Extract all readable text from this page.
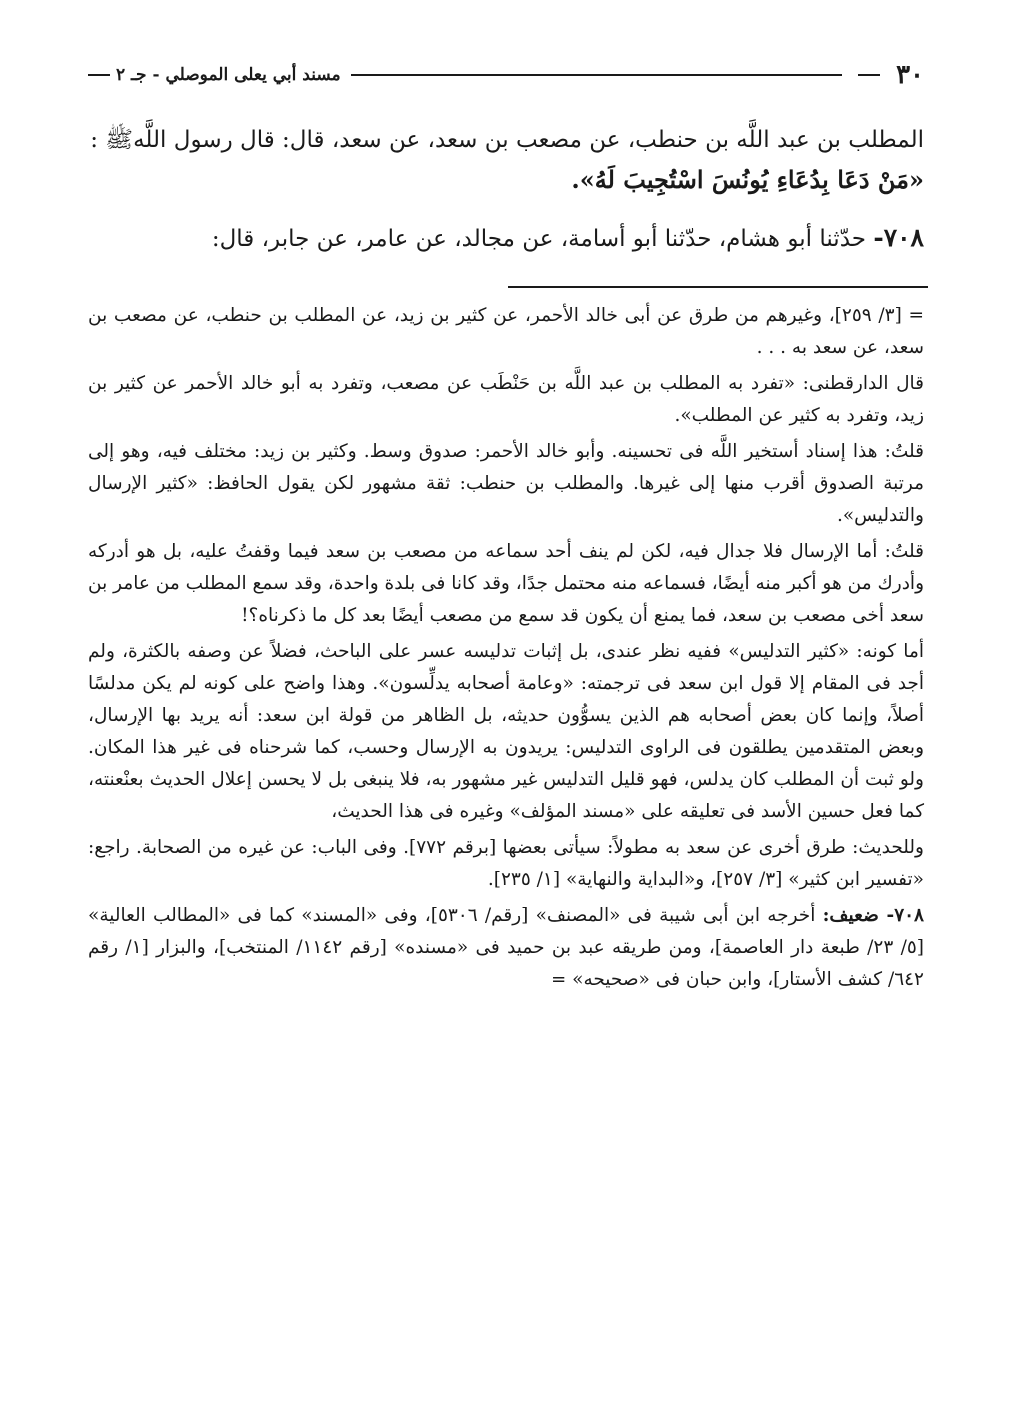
٣٠
مسند أبي يعلى الموصلي - جـ ٢

المطلب بن عبد اللَّه بن حنطب، عن مصعب بن سعد، عن سعد، قال: قال رسول اللَّهﷺ :

«مَنْ دَعَا بِدُعَاءِ يُونُسَ اسْتُجِيبَ لَهُ».

٧٠٨- حدّثنا أبو هشام، حدّثنا أبو أسامة، عن مجالد، عن عامر، عن جابر، قال:

= [٣/ ٢٥٩]، وغيرهم من طرق عن أبى خالد الأحمر، عن كثير بن زيد، عن المطلب بن حنطب، عن مصعب بن سعد، عن سعد به . . .

قال الدارقطنى: «تفرد به المطلب بن عبد اللَّه بن حَنْطَب عن مصعب، وتفرد به أبو خالد الأحمر عن كثير بن زيد، وتفرد به كثير عن المطلب».

قلتُ: هذا إسناد أستخير اللَّه فى تحسينه. وأبو خالد الأحمر: صدوق وسط. وكثير بن زيد: مختلف فيه، وهو إلى مرتبة الصدوق أقرب منها إلى غيرها. والمطلب بن حنطب: ثقة مشهور لكن يقول الحافظ: «كثير الإرسال والتدليس».

قلتُ: أما الإرسال فلا جدال فيه، لكن لم ينف أحد سماعه من مصعب بن سعد فيما وقفتُ عليه، بل هو أدركه وأدرك من هو أكبر منه أيضًا، فسماعه منه محتمل جدًا، وقد كانا فى بلدة واحدة، وقد سمع المطلب من عامر بن سعد أخى مصعب بن سعد، فما يمنع أن يكون قد سمع من مصعب أيضًا بعد كل ما ذكرناه؟!

أما كونه: «كثير التدليس» ففيه نظر عندى، بل إثبات تدليسه عسر على الباحث، فضلاً عن وصفه بالكثرة، ولم أجد فى المقام إلا قول ابن سعد فى ترجمته: «وعامة أصحابه يدلِّسون». وهذا واضح على كونه لم يكن مدلسًا أصلاً، وإنما كان بعض أصحابه هم الذين يسوُّون حديثه، بل الظاهر من قولة ابن سعد: أنه يريد بها الإرسال، وبعض المتقدمين يطلقون فى الراوى التدليس: يريدون به الإرسال وحسب، كما شرحناه فى غير هذا المكان. ولو ثبت أن المطلب كان يدلس، فهو قليل التدليس غير مشهور به، فلا ينبغى بل لا يحسن إعلال الحديث بعنْعنته، كما فعل حسين الأسد فى تعليقه على «مسند المؤلف» وغيره فى هذا الحديث،

وللحديث: طرق أخرى عن سعد به مطولاً: سيأتى بعضها [برقم ٧٧٢]. وفى الباب: عن غيره من الصحابة. راجع: «تفسير ابن كثير» [٣/ ٢٥٧]، و«البداية والنهاية» [١/ ٢٣٥].

٧٠٨- ضعيف: أخرجه ابن أبى شيبة فى «المصنف» [رقم/ ٥٣٠٦]، وفى «المسند» كما فى «المطالب العالية» [٥/ ٢٣/ طبعة دار العاصمة]، ومن طريقه عبد بن حميد فى «مسنده» [رقم ١١٤٢/ المنتخب]، والبزار [١/ رقم ٦٤٢/ كشف الأستار]، وابن حبان فى «صحيحه» =
